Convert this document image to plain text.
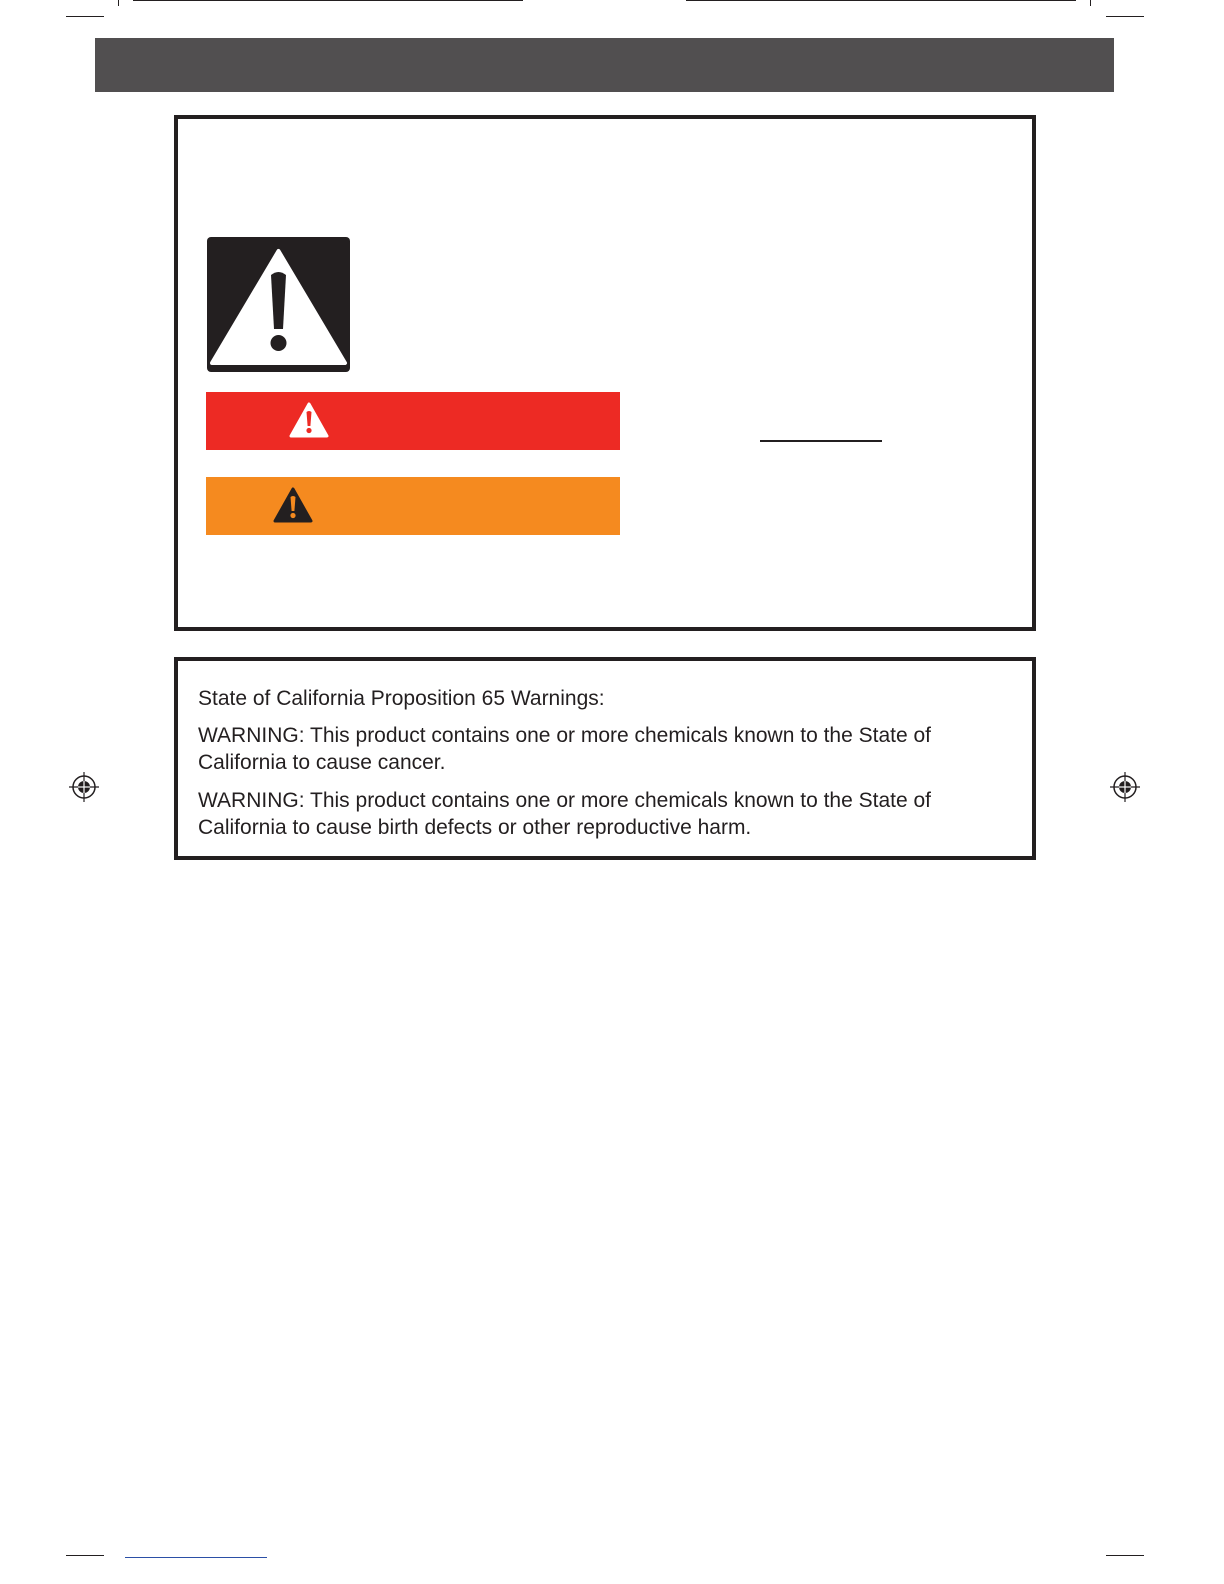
State of California Proposition 65 Warnings:

WARNING: This product contains one or more chemicals known to the State of California to cause cancer.

WARNING: This product contains one or more chemicals known to the State of California to cause birth defects or other reproductive harm.
